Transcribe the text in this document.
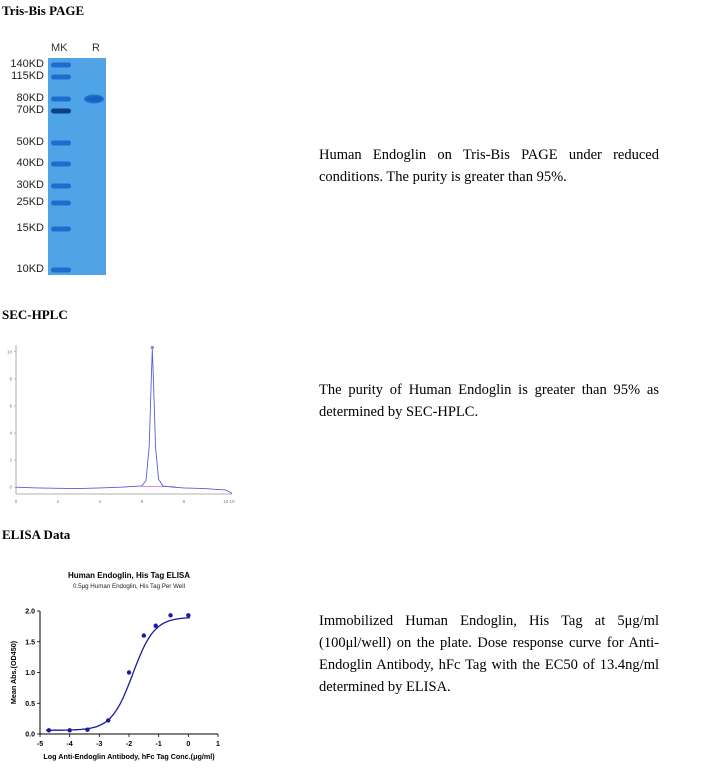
Tris-Bis PAGE
MK R
140KD
115KD
80KD
70KD
50KD
40KD
30KD
25KD
15KD
10KD
Human Endoglin on Tris-Bis PAGE under reduced conditions. The purity is greater than 95%.
SEC-HPLC
0	2	4	6	8	10 10
0
2
4
6
8
10
The purity of Human Endoglin is greater than 95% as determined by SEC-HPLC.
ELISA Data
Human Endoglin, His Tag ELISA
0.5μg Human Endoglin, His Tag Per Well
-5	-4	-3	-2	-1	0	1
0.0
0.5
1.0
1.5
2.0
Log Anti-Endoglin Antibody, hFc Tag Conc.(μg/ml)
Mean Abs.(OD450)
Immobilized Human Endoglin, His Tag at 5μg/ml (100μl/well) on the plate. Dose response curve for Anti-Endoglin Antibody, hFc Tag with the EC50 of 13.4ng/ml determined by ELISA.
